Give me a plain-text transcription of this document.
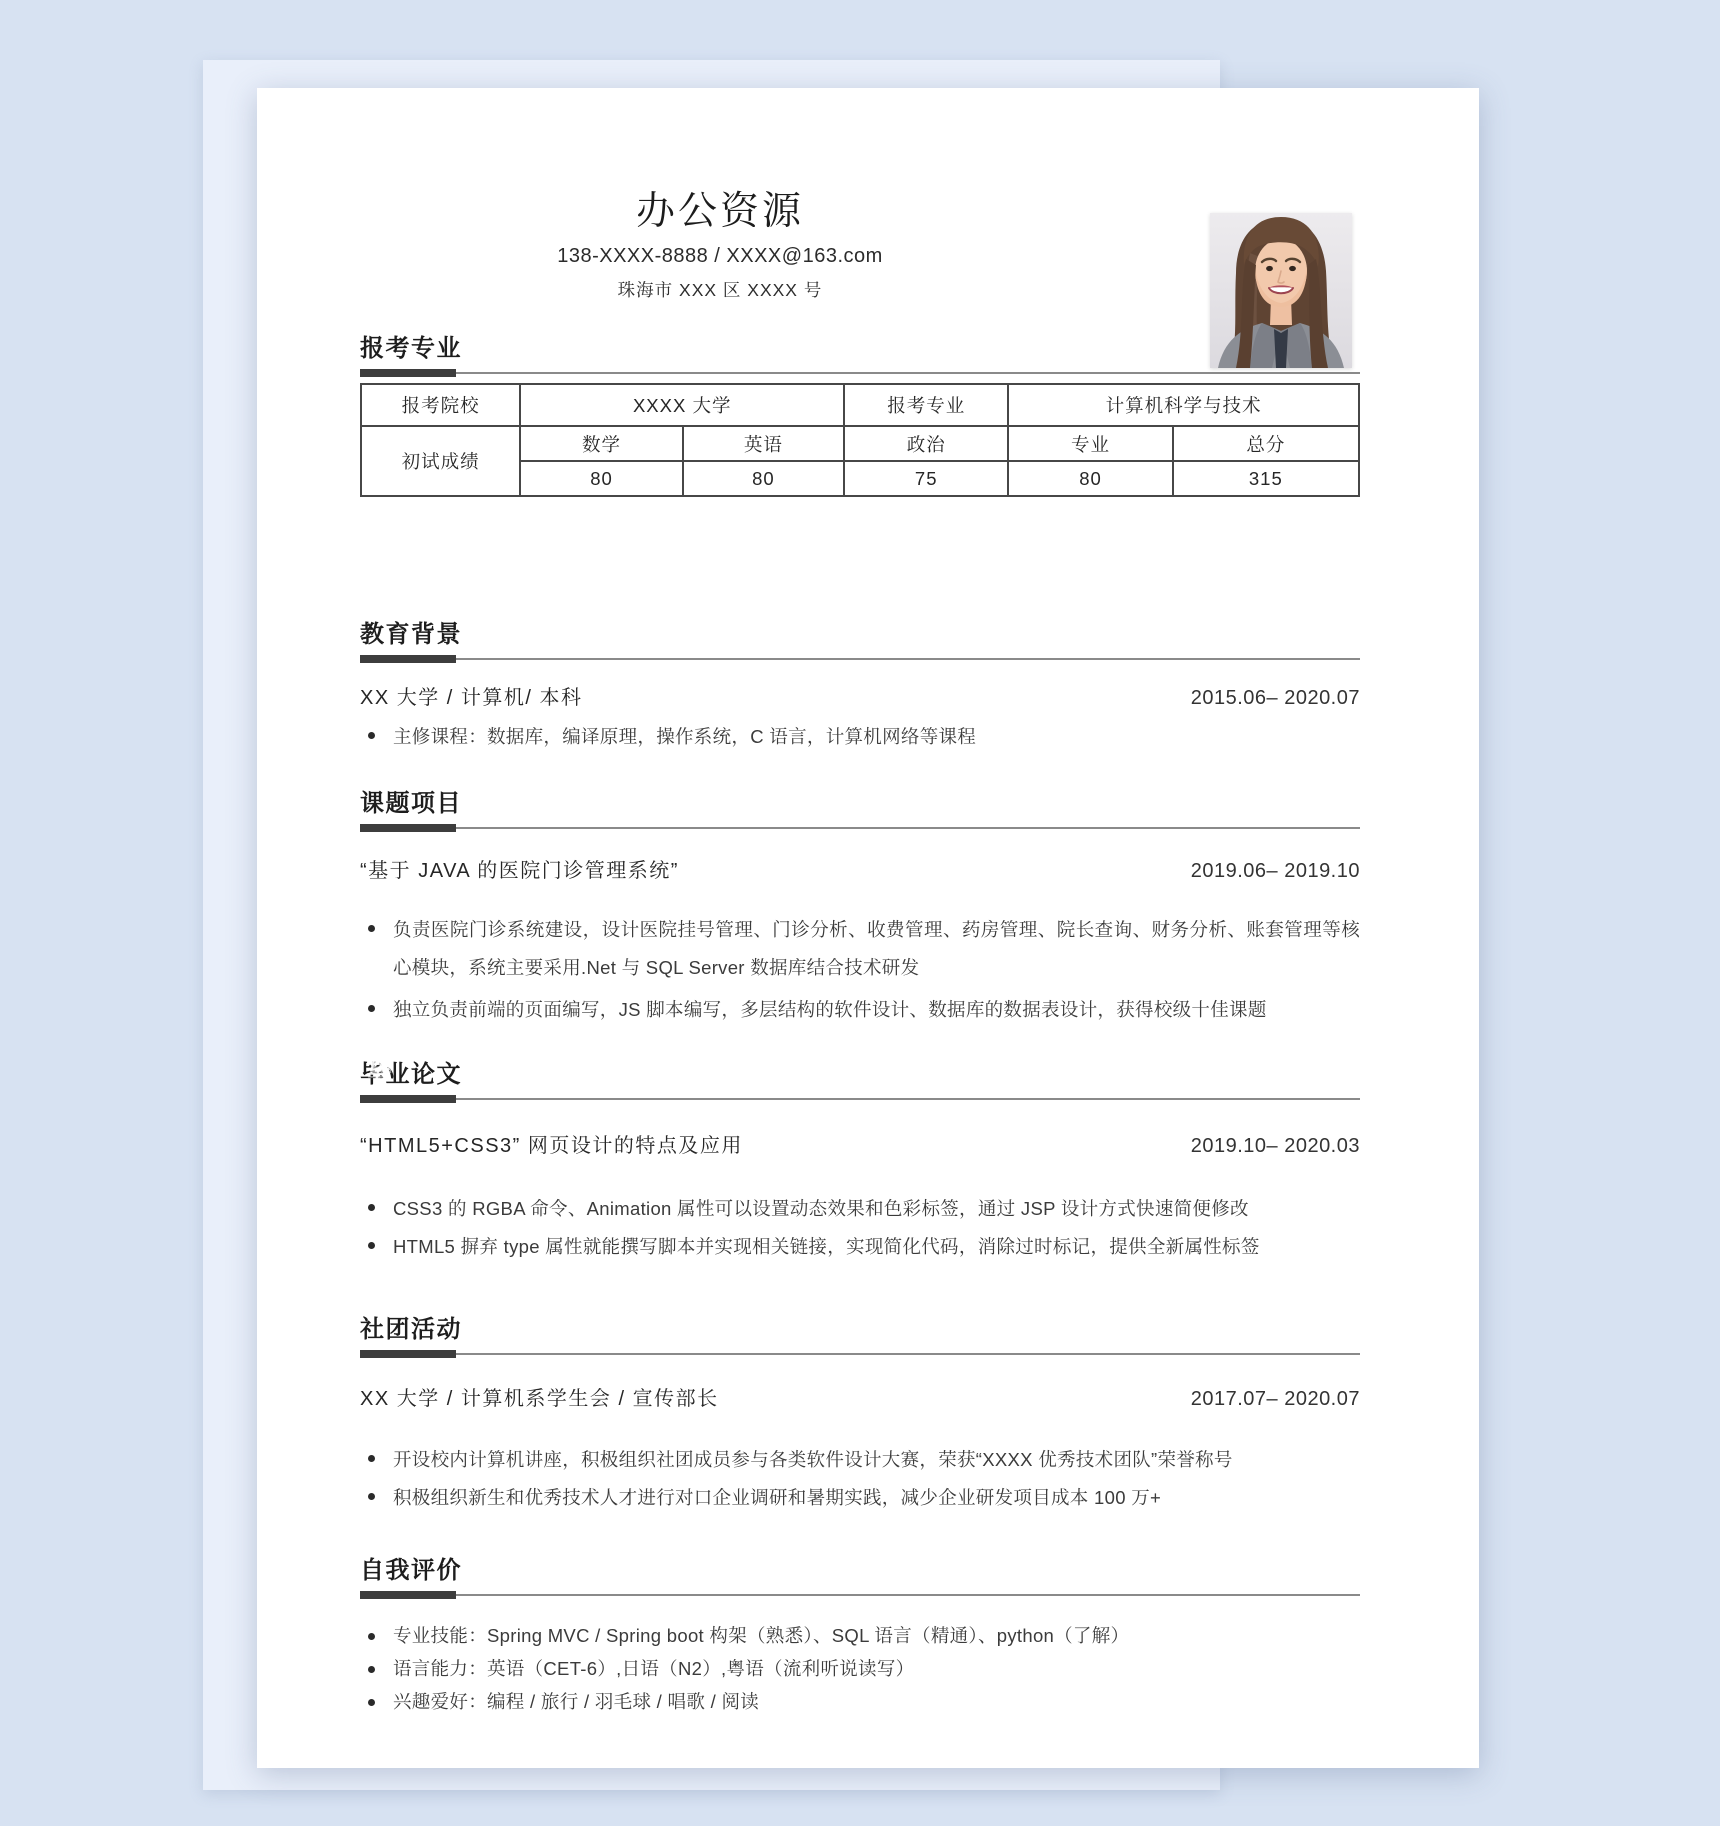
办公资源
138-XXXX-8888 / XXXX@163.com
珠海市 XXX 区 XXXX 号
报考专业
报考院校	XXXX 大学	报考专业	计算机科学与技术
初试成绩
数学	英语	政治	专业	总分
80	80	75	80	315
教育背景
XX 大学 / 计算机/ 本科	2015.06– 2020.07
主修课程：数据库，编译原理，操作系统，C 语言，计算机网络等课程
课题项目
“基于 JAVA 的医院门诊管理系统”	2019.06– 2019.10
负责医院门诊系统建设，设计医院挂号管理、门诊分析、收费管理、药房管理、院长查询、财务分析、账套管理等核心模块，系统主要采用.Net 与 SQL Server 数据库结合技术研发
独立负责前端的页面编写，JS 脚本编写，多层结构的软件设计、数据库的数据表设计，获得校级十佳课题
毕业 毕业论文
“HTML5+CSS3” 网页设计的特点及应用	2019.10– 2020.03
CSS3 的 RGBA 命令、Animation 属性可以设置动态效果和色彩标签，通过 JSP 设计方式快速简便修改
HTML5 摒弃 type 属性就能撰写脚本并实现相关链接，实现简化代码，消除过时标记，提供全新属性标签
社团活动
XX 大学 / 计算机系学生会 / 宣传部长	2017.07– 2020.07
开设校内计算机讲座，积极组织社团成员参与各类软件设计大赛，荣获“XXXX 优秀技术团队”荣誉称号
积极组织新生和优秀技术人才进行对口企业调研和暑期实践，减少企业研发项目成本 100 万+
自我评价
专业技能：Spring MVC / Spring boot 构架（熟悉）、SQL 语言（精通）、python（了解）
语言能力：英语（CET-6）,日语（N2）,粤语（流利听说读写）
兴趣爱好：编程 / 旅行 / 羽毛球 / 唱歌 / 阅读
